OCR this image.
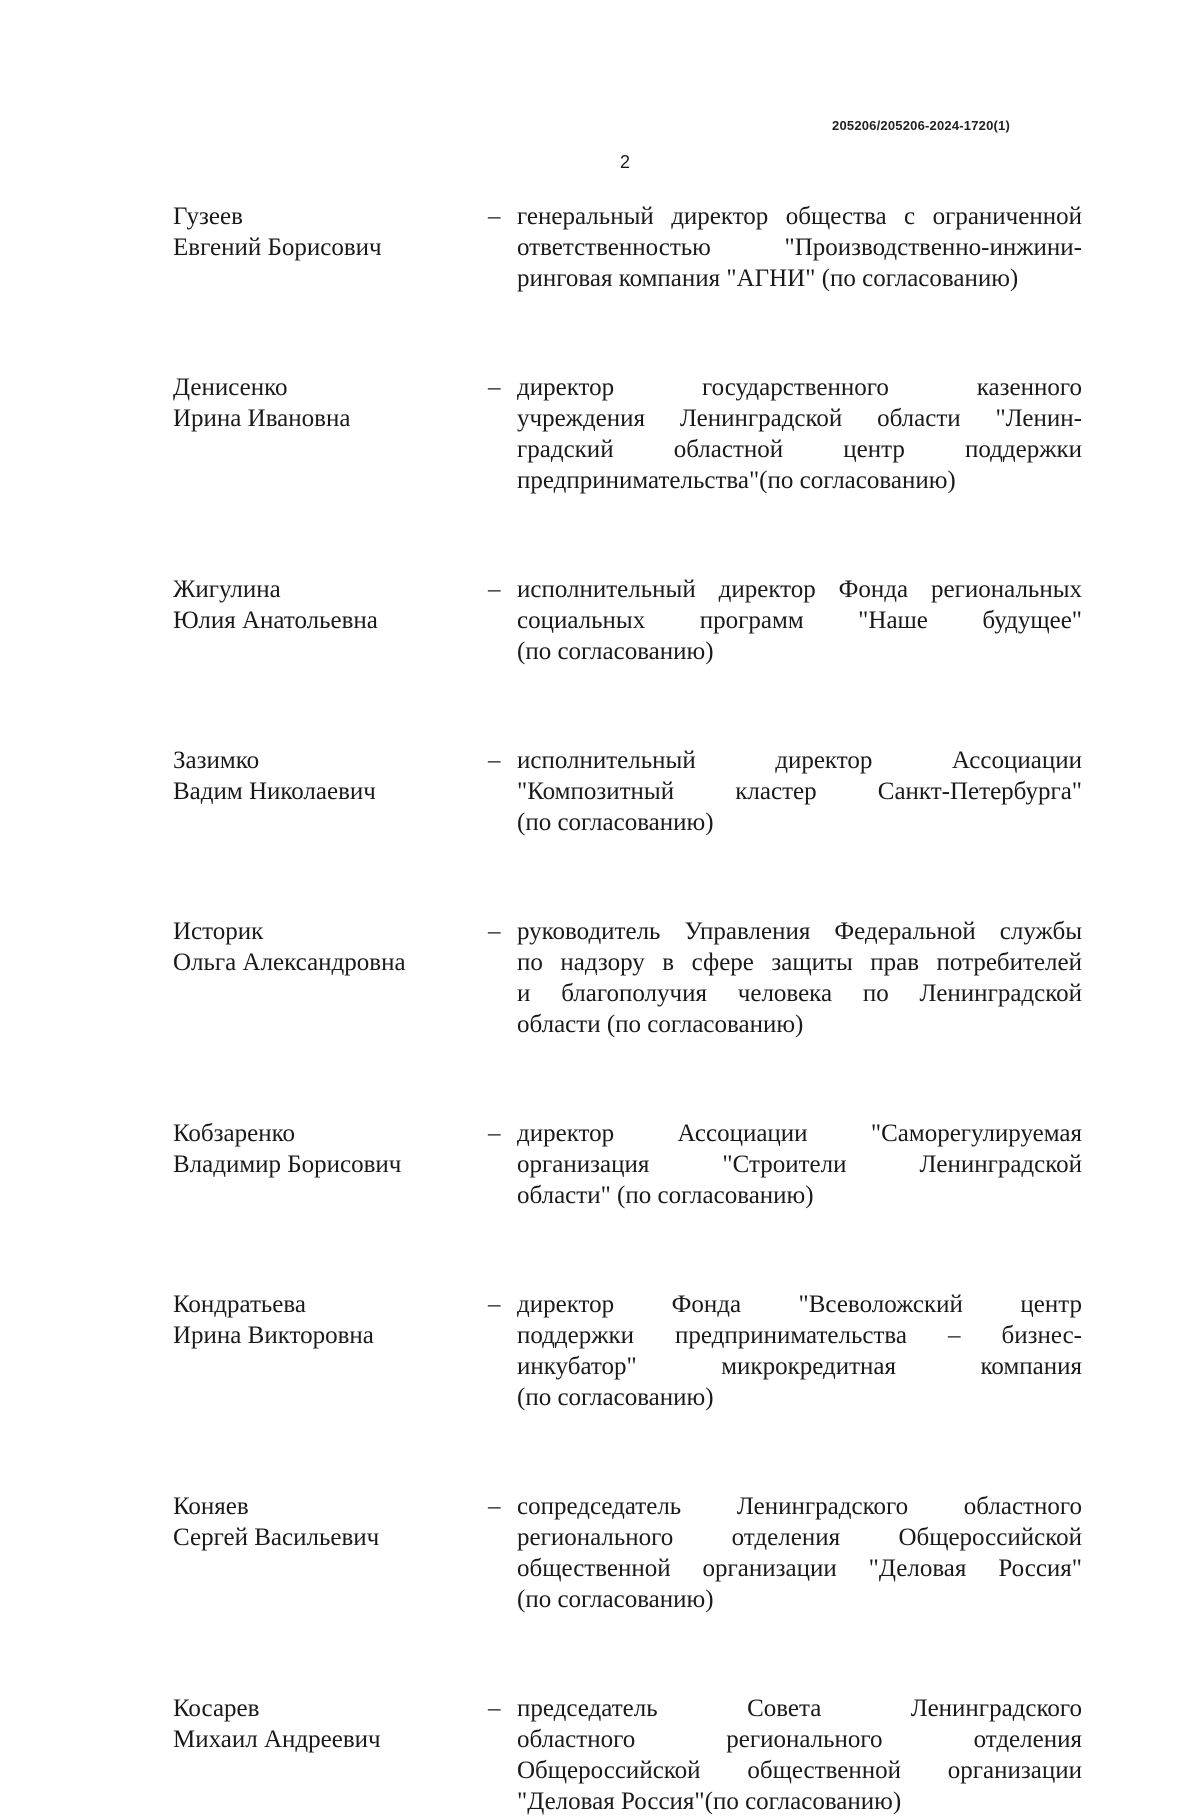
205206/205206-2024-1720(1)
2
Гузеев
Евгений Борисович
– генеральный директор общества с ограниченной
ответственностью "Производственно-инжини-
ринговая компания "АГНИ" (по согласованию)
Денисенко
Ирина Ивановна
– директор государственного казенного
учреждения Ленинградской области "Ленин-
градский областной центр поддержки
предпринимательства"(по согласованию)
Жигулина
Юлия Анатольевна
– исполнительный директор Фонда региональных
социальных программ "Наше будущее"
(по согласованию)
Зазимко
Вадим Николаевич
– исполнительный директор Ассоциации
"Композитный кластер Санкт-Петербурга"
(по согласованию)
Историк
Ольга Александровна
– руководитель Управления Федеральной службы
по надзору в сфере защиты прав потребителей
и благополучия человека по Ленинградской
области (по согласованию)
Кобзаренко
Владимир Борисович
– директор Ассоциации "Саморегулируемая
организация "Строители Ленинградской
области" (по согласованию)
Кондратьева
Ирина Викторовна
– директор Фонда "Всеволожский центр
поддержки предпринимательства – бизнес-
инкубатор" микрокредитная компания
(по согласованию)
Коняев
Сергей Васильевич
– сопредседатель Ленинградского областного
регионального отделения Общероссийской
общественной организации "Деловая Россия"
(по согласованию)
Косарев
Михаил Андреевич
– председатель Совета Ленинградского
областного регионального отделения
Общероссийской общественной организации
"Деловая Россия"(по согласованию)
